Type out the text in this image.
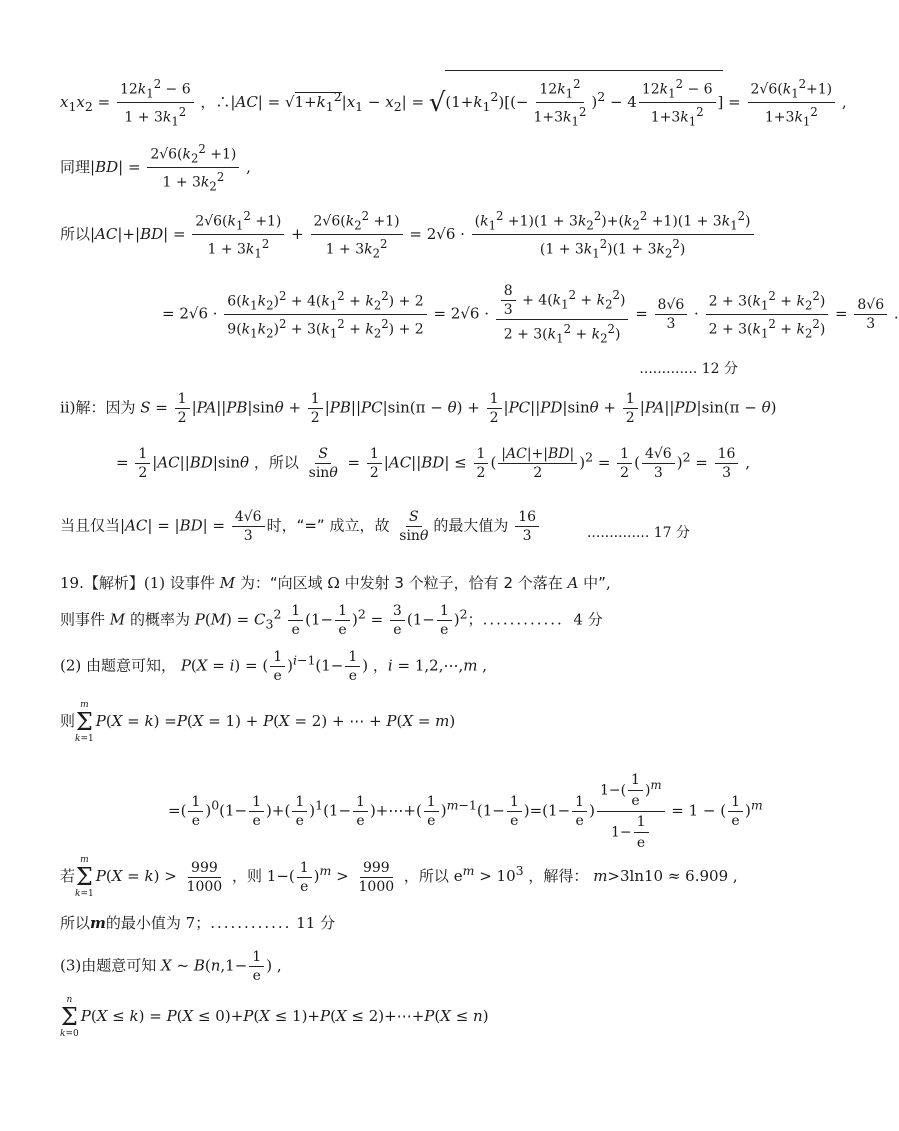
$x_1x_2 = \frac{12k_1^2 - 6}{1 + 3k_1^2}$ ，∴|AC| = $√1+k_1^2|x_1 - x_2| = √(1+k_1^2)[(- \frac{12k_1^2}{1+3k_1^2} )^2 - 4 \frac{12k_1^2 - 6}{1+3k_1^2}$ ] = $\frac{2√6(k_1^2+1)}{1+3k_1^2}$ ,
同理$|BD| = \frac{2√6(k_2^2 +1)}{1 + 3k_2^2}$ ,
所以$|AC|+|BD| = \frac{2√6(k_1^2 +1)}{1 + 3k_1^2} + \frac{2√6(k_2^2 +1)}{1 + 3k_2^2} = 2√6 \cdot \frac{(k_1^2 +1)(1 + 3k_2^2)+(k_2^2 +1)(1 + 3k_1^2)}{(1 + 3k_1^2)(1 + 3k_2^2)}$
= $2√6 \cdot \frac{6(k_1k_2)^2 + 4(k_1^2 + k_2^2) + 2}{9(k_1k_2)^2 + 3(k_1^2 + k_2^2) + 2} = 2√6 \cdot \frac{\frac{8}{3} + 4(k_1^2 + k_2^2)}{2 + 3(k_1^2 + k_2^2)} = \frac{8√6}{3} \cdot \frac{2 + 3(k_1^2 + k_2^2)}{2 + 3(k_1^2 + k_2^2)} = \frac{8√6}{3}$ .
............. 12 分
ii)解：因为 $S = \frac{1}{2} |PA||PB|\sin\theta + \frac{1}{2} |PB||PC|\sin(\pi - \theta) + \frac{1}{2} |PC||PD|\sin\theta + \frac{1}{2} |PA||PD|\sin(\pi - \theta)$
= $\frac{1}{2} |AC||BD|\sin\theta$ ，所以 $\frac{S}{\sin\theta} = \frac{1}{2} |AC||BD| \le \frac{1}{2}$ ( $\frac{|AC|+|BD|}{2} )^2 = \frac{1}{2}$ ( $\frac{4√6}{3} )^2 = \frac{16}{3}$ ,
当且仅当$|AC| = |BD| = \frac{4√6}{3}$ 时，“=” 成立，故 $\frac{S}{\sin\theta}$ 的最大值为 $\frac{16}{3}$	.............. 17 分
19.【解析】(1) 设事件 M 为：“向区域 Ω 中发射 3 个粒子，恰有 2 个落在 A 中”,
则事件 M 的概率为 $P(M) = C_3^2 \frac{1}{e} (1- \frac{1}{e} )^2 = \frac{3}{e} (1- \frac{1}{e} )^2$；............  4 分
(2) 由题意可知， P(X = i) = ( $\frac{1}{e} )^{i-1}(1- \frac{1}{e}$ ) ，i = 1,2,⋯,m ,
则
m
Σ
k=1
P(X = k) =P(X = 1) + P(X = 2) + ⋯ + P(X = m)
=( $\frac{1}{e} )^0(1- \frac{1}{e}$ )+( $\frac{1}{e} )^1(1- \frac{1}{e}$ )+⋯+( $\frac{1}{e} )^{m-1}(1- \frac{1}{e} )=(1- \frac{1}{e}$ ) $\frac{1-( \frac{1}{e} )^m}{1- \frac{1}{e}} = 1$ − ( $\frac{1}{e} )^m$
若
m
Σ
k=1
$P(X = k) > \frac{999}{1000}$ ，则 $1-( \frac{1}{e} )^m > \frac{999}{1000}$ ，所以 $e^m > 10^3$ ，解得： m>3ln10 ≈ 6.909 ,
所以m的最小值为 7；............ 11 分
(3)由题意可知 X ~ $B(n,1- \frac{1}{e}$ ) ,
n
Σ
k=0
P(X ≤ k) = P(X ≤ 0)+P(X ≤ 1)+P(X ≤ 2)+⋯+P(X ≤ n)
